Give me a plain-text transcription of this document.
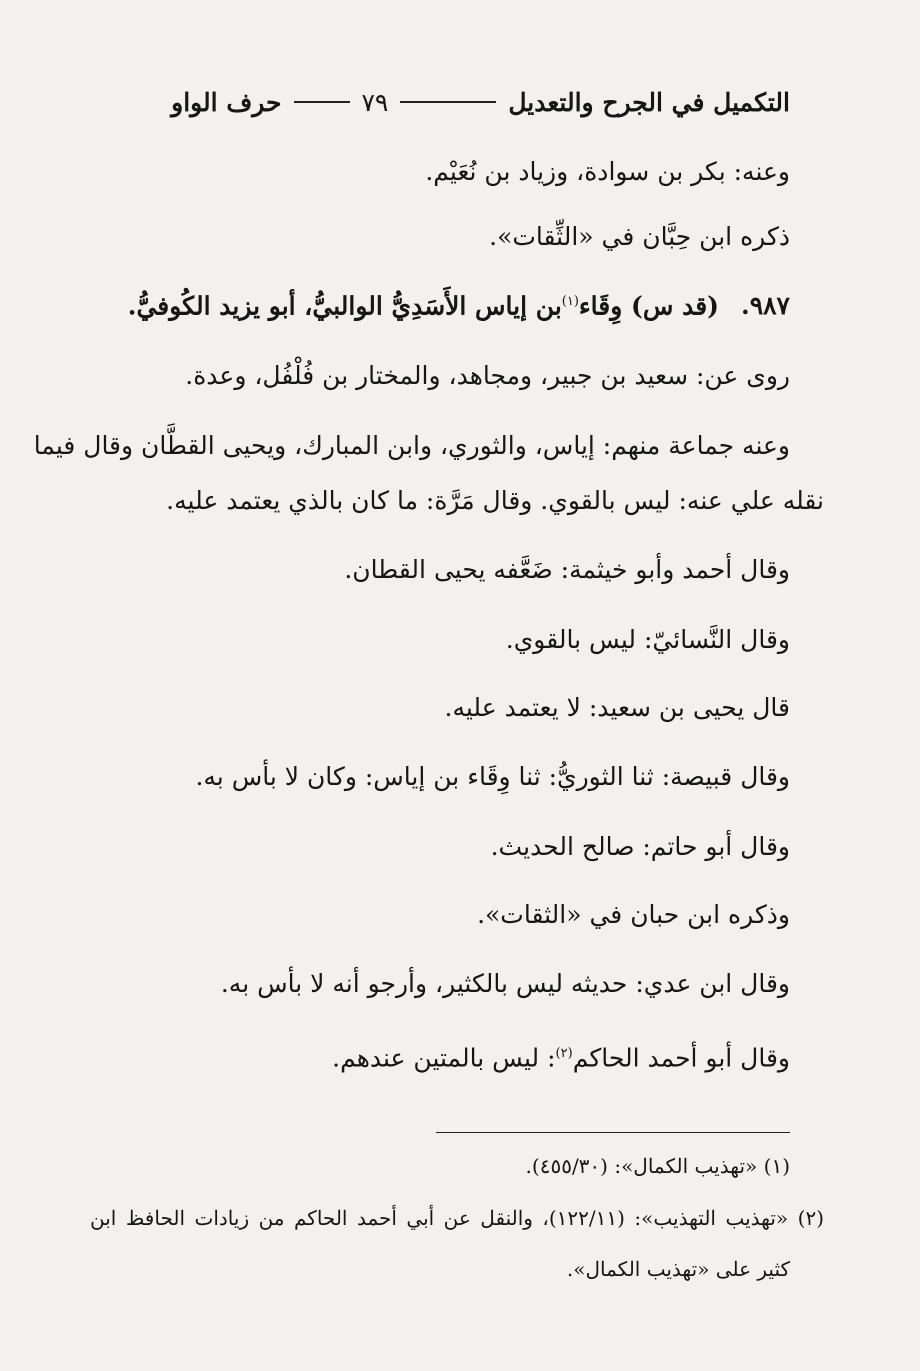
التكميل في الجرح والتعديل
٧٩
حرف الواو
وعنه: بكر بن سوادة، وزياد بن نُعَيْم.
ذكره ابن حِبَّان في «الثِّقات».
٩٨٧.(قد س) وِقَاء$^{(١)}$بن إياس الأَسَدِيُّ الوالبيُّ، أبو يزيد الكُوفيُّ.
روى عن: سعيد بن جبير، ومجاهد، والمختار بن فُلْفُل، وعدة.
وعنه جماعة منهم: إياس، والثوري، وابن المبارك، ويحيى القطَّان وقال فيما
نقله علي عنه: ليس بالقوي. وقال مَرَّة: ما كان بالذي يعتمد عليه.
وقال أحمد وأبو خيثمة: ضَعَّفه يحيى القطان.
وقال النَّسائيّ: ليس بالقوي.
قال يحيى بن سعيد: لا يعتمد عليه.
وقال قبيصة: ثنا الثوريُّ: ثنا وِقَاء بن إياس: وكان لا بأس به.
وقال أبو حاتم: صالح الحديث.
وذكره ابن حبان في «الثقات».
وقال ابن عدي: حديثه ليس بالكثير، وأرجو أنه لا بأس به.
وقال أبو أحمد الحاكم$^{(٢)}$: ليس بالمتين عندهم.
(١) «تهذيب الكمال»: (٤٥٥/٣٠).
(٢) «تهذيب التهذيب»: (١٢٢/١١)، والنقل عن أبي أحمد الحاكم من زيادات الحافظ ابن
كثير على «تهذيب الكمال».
